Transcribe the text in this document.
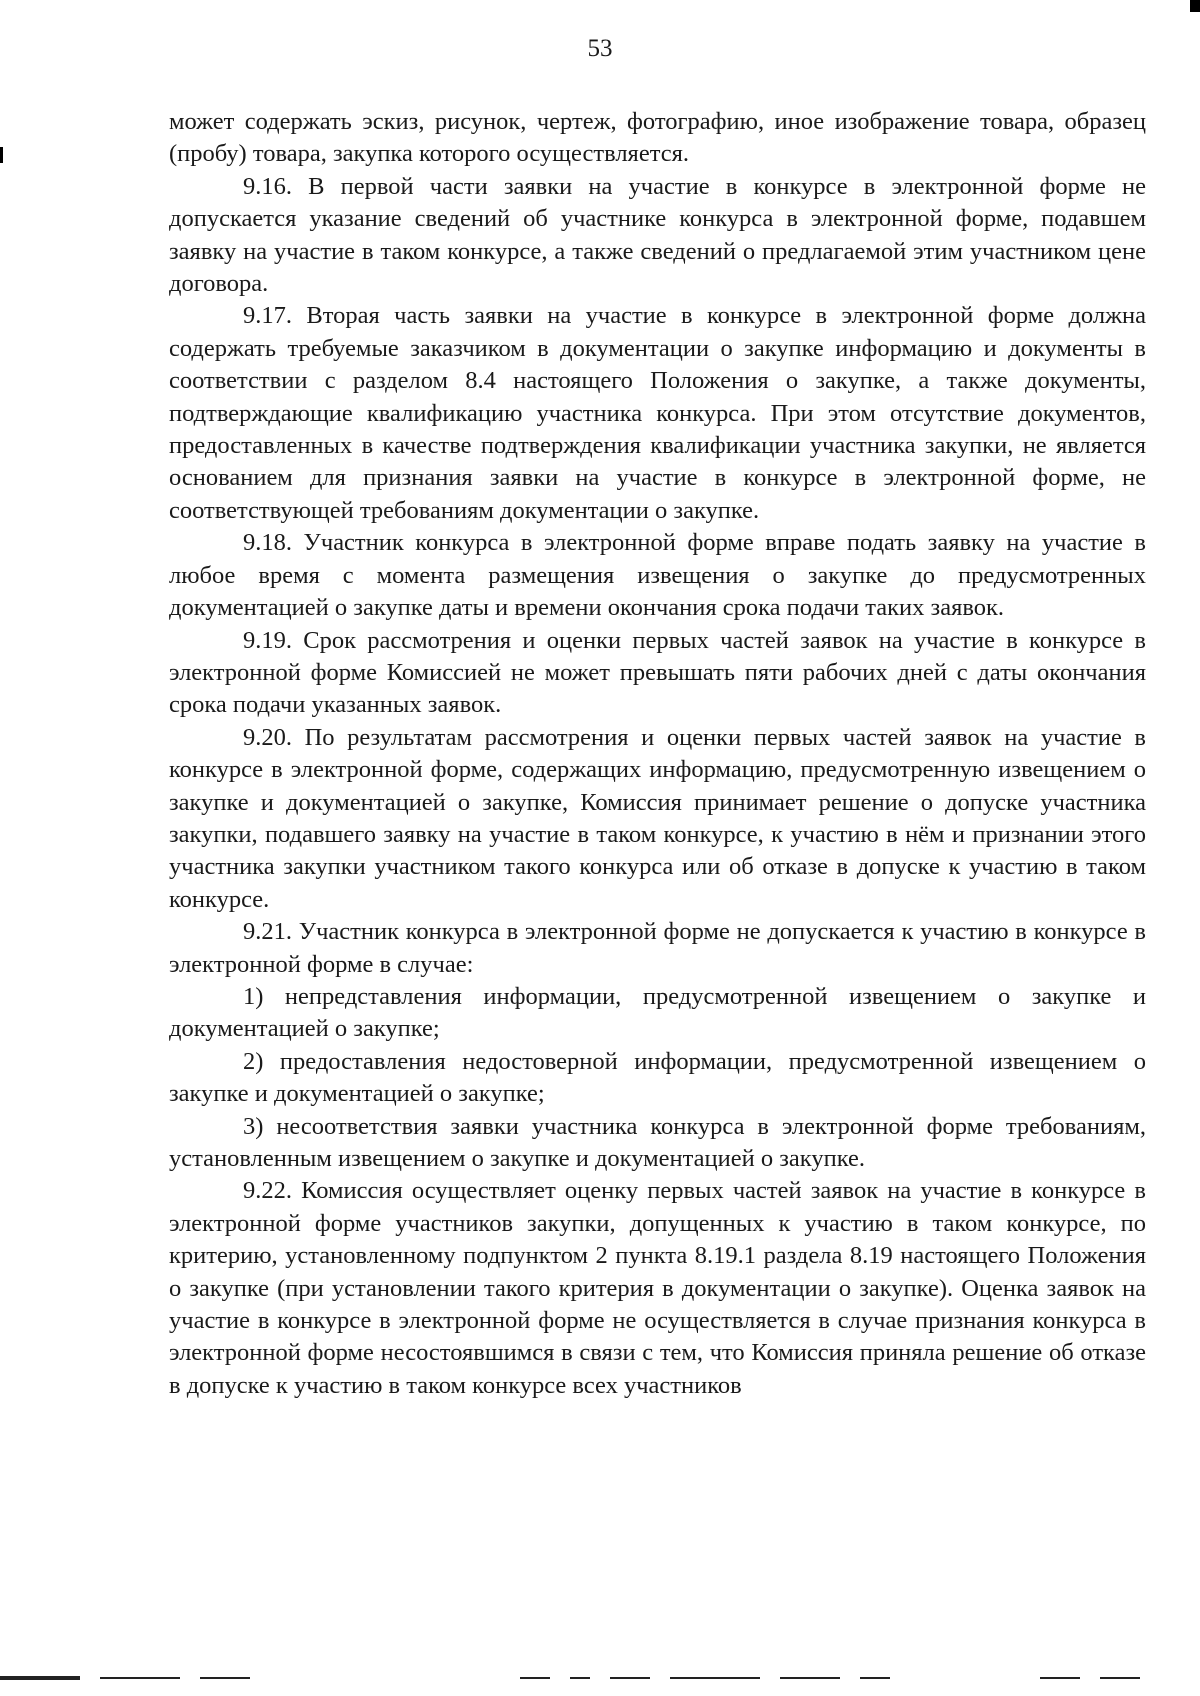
53

может содержать эскиз, рисунок, чертеж, фотографию, иное изображение товара, образец (пробу) товара, закупка которого осуществляется.

9.16. В первой части заявки на участие в конкурсе в электронной форме не допускается указание сведений об участнике конкурса в электронной форме, подавшем заявку на участие в таком конкурсе, а также сведений о предлагаемой этим участником цене договора.

9.17. Вторая часть заявки на участие в конкурсе в электронной форме должна содержать требуемые заказчиком в документации о закупке информацию и документы в соответствии с разделом 8.4 настоящего Положения о закупке, а также документы, подтверждающие квалификацию участника конкурса. При этом отсутствие документов, предоставленных в качестве подтверждения квалификации участника закупки, не является основанием для признания заявки на участие в конкурсе в электронной форме, не соответствующей требованиям документации о закупке.

9.18. Участник конкурса в электронной форме вправе подать заявку на участие в любое время с момента размещения извещения о закупке до предусмотренных документацией о закупке даты и времени окончания срока подачи таких заявок.

9.19. Срок рассмотрения и оценки первых частей заявок на участие в конкурсе в электронной форме Комиссией не может превышать пяти рабочих дней с даты окончания срока подачи указанных заявок.

9.20. По результатам рассмотрения и оценки первых частей заявок на участие в конкурсе в электронной форме, содержащих информацию, предусмотренную извещением о закупке и документацией о закупке, Комиссия принимает решение о допуске участника закупки, подавшего заявку на участие в таком конкурсе, к участию в нём и признании этого участника закупки участником такого конкурса или об отказе в допуске к участию в таком конкурсе.

9.21. Участник конкурса в электронной форме не допускается к участию в конкурсе в электронной форме в случае:

1) непредставления информации, предусмотренной извещением о закупке и документацией о закупке;

2) предоставления недостоверной информации, предусмотренной извещением о закупке и документацией о закупке;

3) несоответствия заявки участника конкурса в электронной форме требованиям, установленным извещением о закупке и документацией о закупке.

9.22. Комиссия осуществляет оценку первых частей заявок на участие в конкурсе в электронной форме участников закупки, допущенных к участию в таком конкурсе, по критерию, установленному подпунктом 2 пункта 8.19.1 раздела 8.19 настоящего Положения о закупке (при установлении такого критерия в документации о закупке). Оценка заявок на участие в конкурсе в электронной форме не осуществляется в случае признания конкурса в электронной форме несостоявшимся в связи с тем, что Комиссия приняла решение об отказе в допуске к участию в таком конкурсе всех участников
